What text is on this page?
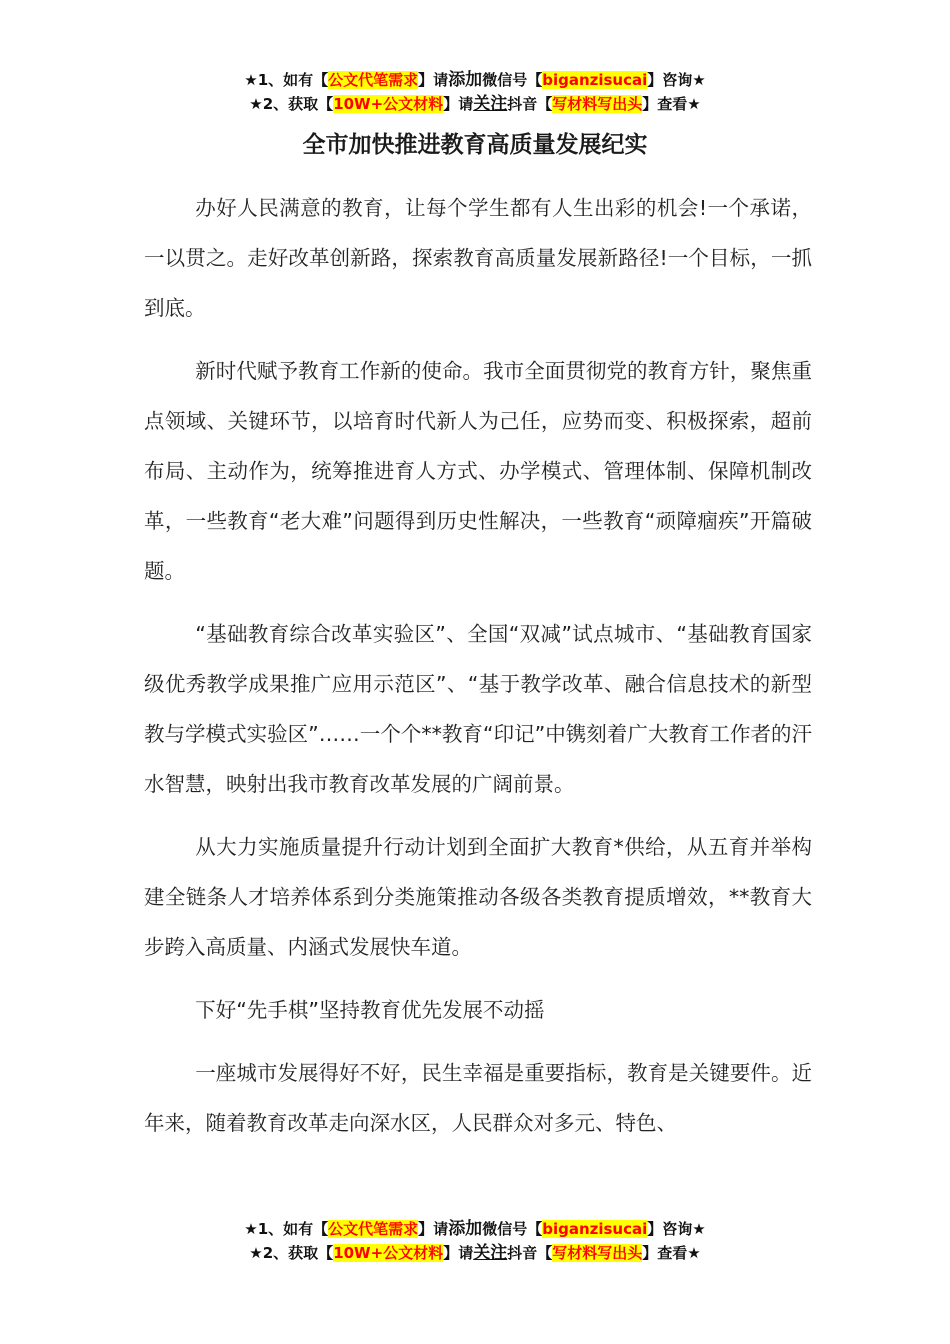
★1、如有【公文代笔需求】请添加微信号【biganzisucai】咨询★
★2、获取【10W+公文材料】请关注抖音【写材料写出头】查看★
全市加快推进教育高质量发展纪实

办好人民满意的教育，让每个学生都有人生出彩的机会!一个承诺，一以贯之。走好改革创新路，探索教育高质量发展新路径!一个目标，一抓到底。

新时代赋予教育工作新的使命。我市全面贯彻党的教育方针，聚焦重点领域、关键环节，以培育时代新人为己任，应势而变、积极探索，超前布局、主动作为，统筹推进育人方式、办学模式、管理体制、保障机制改革，一些教育“老大难”问题得到历史性解决，一些教育“顽障痼疾”开篇破题。

“基础教育综合改革实验区”、全国“双减”试点城市、“基础教育国家级优秀教学成果推广应用示范区”、“基于教学改革、融合信息技术的新型教与学模式实验区”……一个个**教育“印记”中镌刻着广大教育工作者的汗水智慧，映射出我市教育改革发展的广阔前景。

从大力实施质量提升行动计划到全面扩大教育*供给，从五育并举构建全链条人才培养体系到分类施策推动各级各类教育提质增效，**教育大步跨入高质量、内涵式发展快车道。

下好“先手棋”坚持教育优先发展不动摇

一座城市发展得好不好，民生幸福是重要指标，教育是关键要件。近年来，随着教育改革走向深水区，人民群众对多元、特色、

★1、如有【公文代笔需求】请添加微信号【biganzisucai】咨询★
★2、获取【10W+公文材料】请关注抖音【写材料写出头】查看★
